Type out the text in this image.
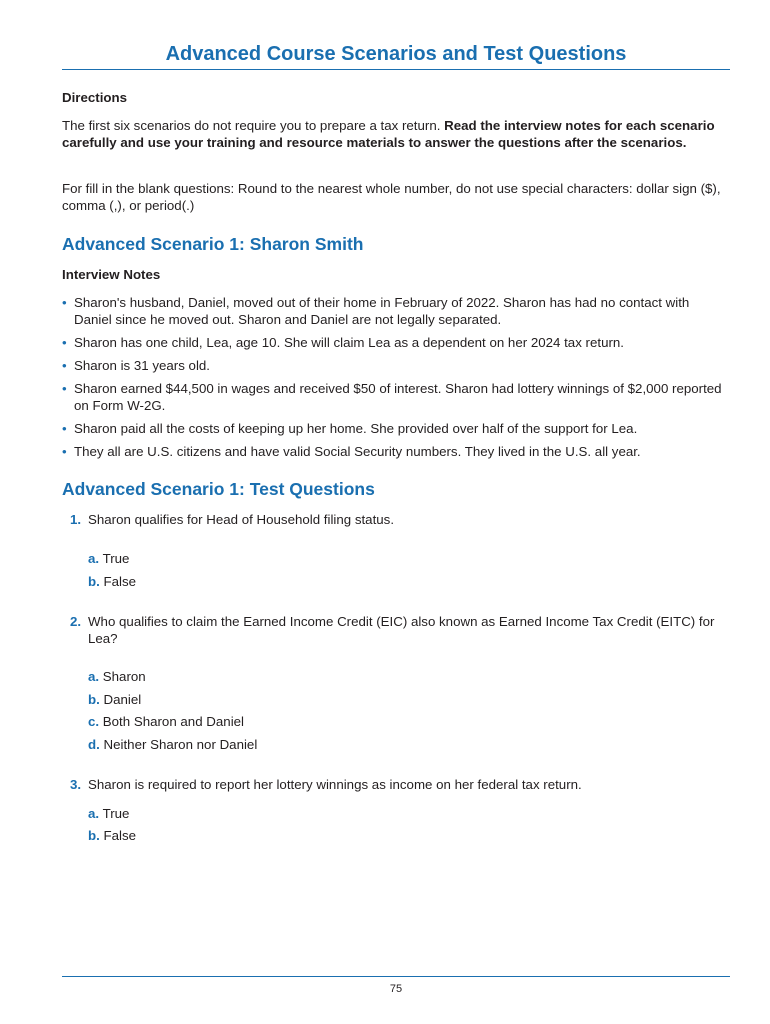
Advanced Course Scenarios and Test Questions
Directions
The first six scenarios do not require you to prepare a tax return. Read the interview notes for each scenario carefully and use your training and resource materials to answer the questions after the scenarios.
For fill in the blank questions: Round to the nearest whole number, do not use special characters: dollar sign ($), comma (,), or period(.)
Advanced Scenario 1: Sharon Smith
Interview Notes
• Sharon's husband, Daniel, moved out of their home in February of 2022. Sharon has had no contact with Daniel since he moved out. Sharon and Daniel are not legally separated.
• Sharon has one child, Lea, age 10. She will claim Lea as a dependent on her 2024 tax return.
• Sharon is 31 years old.
• Sharon earned $44,500 in wages and received $50 of interest. Sharon had lottery winnings of $2,000 reported on Form W-2G.
• Sharon paid all the costs of keeping up her home. She provided over half of the support for Lea.
• They all are U.S. citizens and have valid Social Security numbers. They lived in the U.S. all year.
Advanced Scenario 1: Test Questions
1. Sharon qualifies for Head of Household filing status.
a. True
b. False
2. Who qualifies to claim the Earned Income Credit (EIC) also known as Earned Income Tax Credit (EITC) for Lea?
a. Sharon
b. Daniel
c. Both Sharon and Daniel
d. Neither Sharon nor Daniel
3. Sharon is required to report her lottery winnings as income on her federal tax return.
a. True
b. False
75
